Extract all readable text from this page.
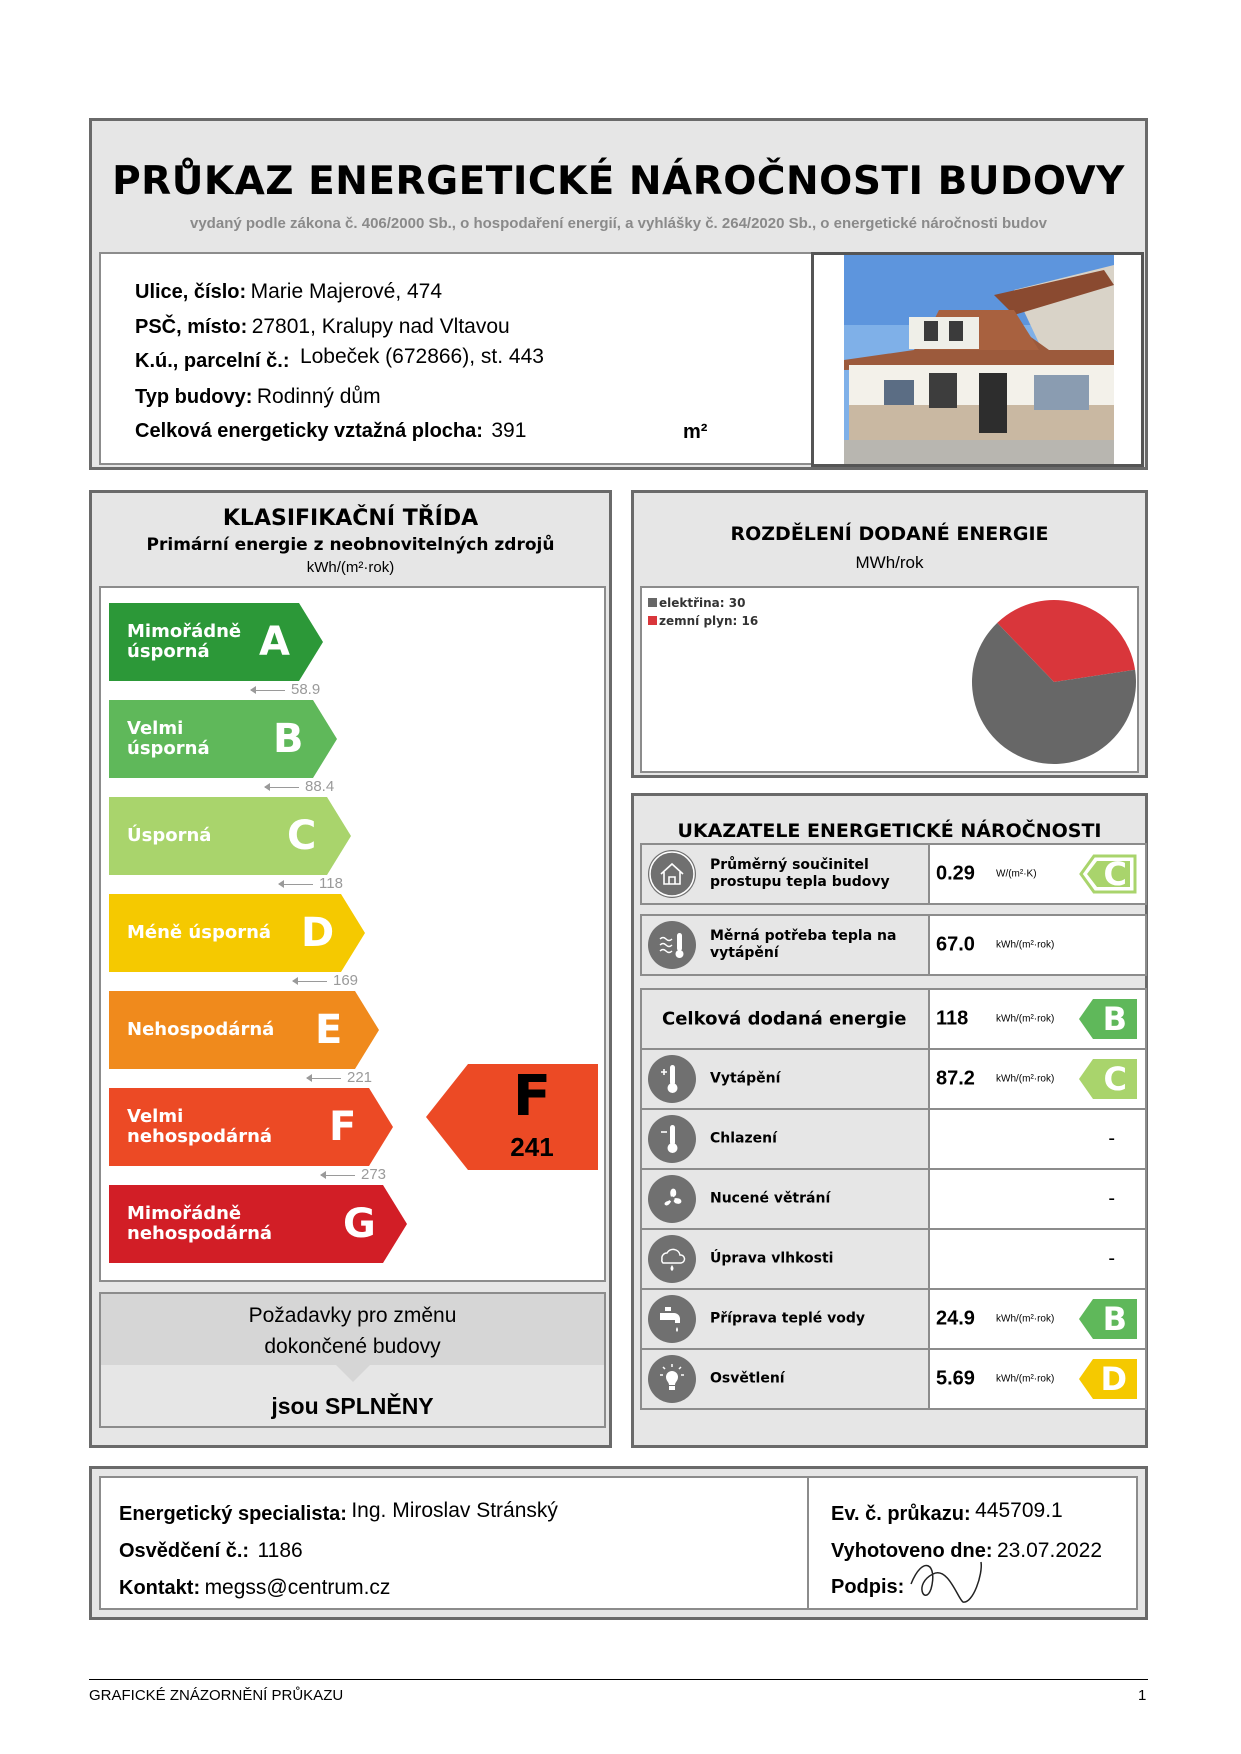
PRŮKAZ ENERGETICKÉ NÁROČNOSTI BUDOVY
vydaný podle zákona č. 406/2000 Sb., o hospodaření energií, a vyhlášky č. 264/2020 Sb., o energetické náročnosti budov
Ulice, číslo: Marie Majerové, 474
PSČ, místo: 27801, Kralupy nad Vltavou
K.ú., parcelní č.: Lobeček (672866), st. 443
Typ budovy: Rodinný dům
Celková energeticky vztažná plocha: 391	m²
KLASIFIKAČNÍ TŘÍDA
Primární energie z neobnovitelných zdrojů
kWh/(m²·rok)
Mimořádně úsporná	A
58.9
Velmi úsporná	B
88.4
Úsporná	C
118
Méně úsporná D
169
Nehospodárná	E
221
Velmi nehospodárná	F
273
Mimořádně nehospodárná	G
F
241
Požadavky pro změnu dokončené budovy
jsou SPLNĚNY
ROZDĚLENÍ DODANÉ ENERGIE
MWh/rok
elektřina: 30
zemní plyn: 16
UKAZATELE ENERGETICKÉ NÁROČNOSTI
Průměrný součinitel prostupu tepla budovy	0.29 W/(m²·K) C
Měrná potřeba tepla na vytápění	67.0 kWh/(m²·rok)
Celková dodaná energie 118	kWh/(m²·rok) B
Vytápění	87.2 kWh/(m²·rok) C
Chlazení	-
Nucené větrání	-
Úprava vlhkosti	-
Příprava teplé vody	24.9 kWh/(m²·rok) B
Osvětlení	5.69 kWh/(m²·rok) D
Energetický specialista: Ing. Miroslav Stránský
Osvědčení č.: 1186
Kontakt: megss@centrum.cz
Ev. č. průkazu: 445709.1
Vyhotoveno dne: 23.07.2022
Podpis:
GRAFICKÉ ZNÁZORNĚNÍ PRŮKAZU	1
